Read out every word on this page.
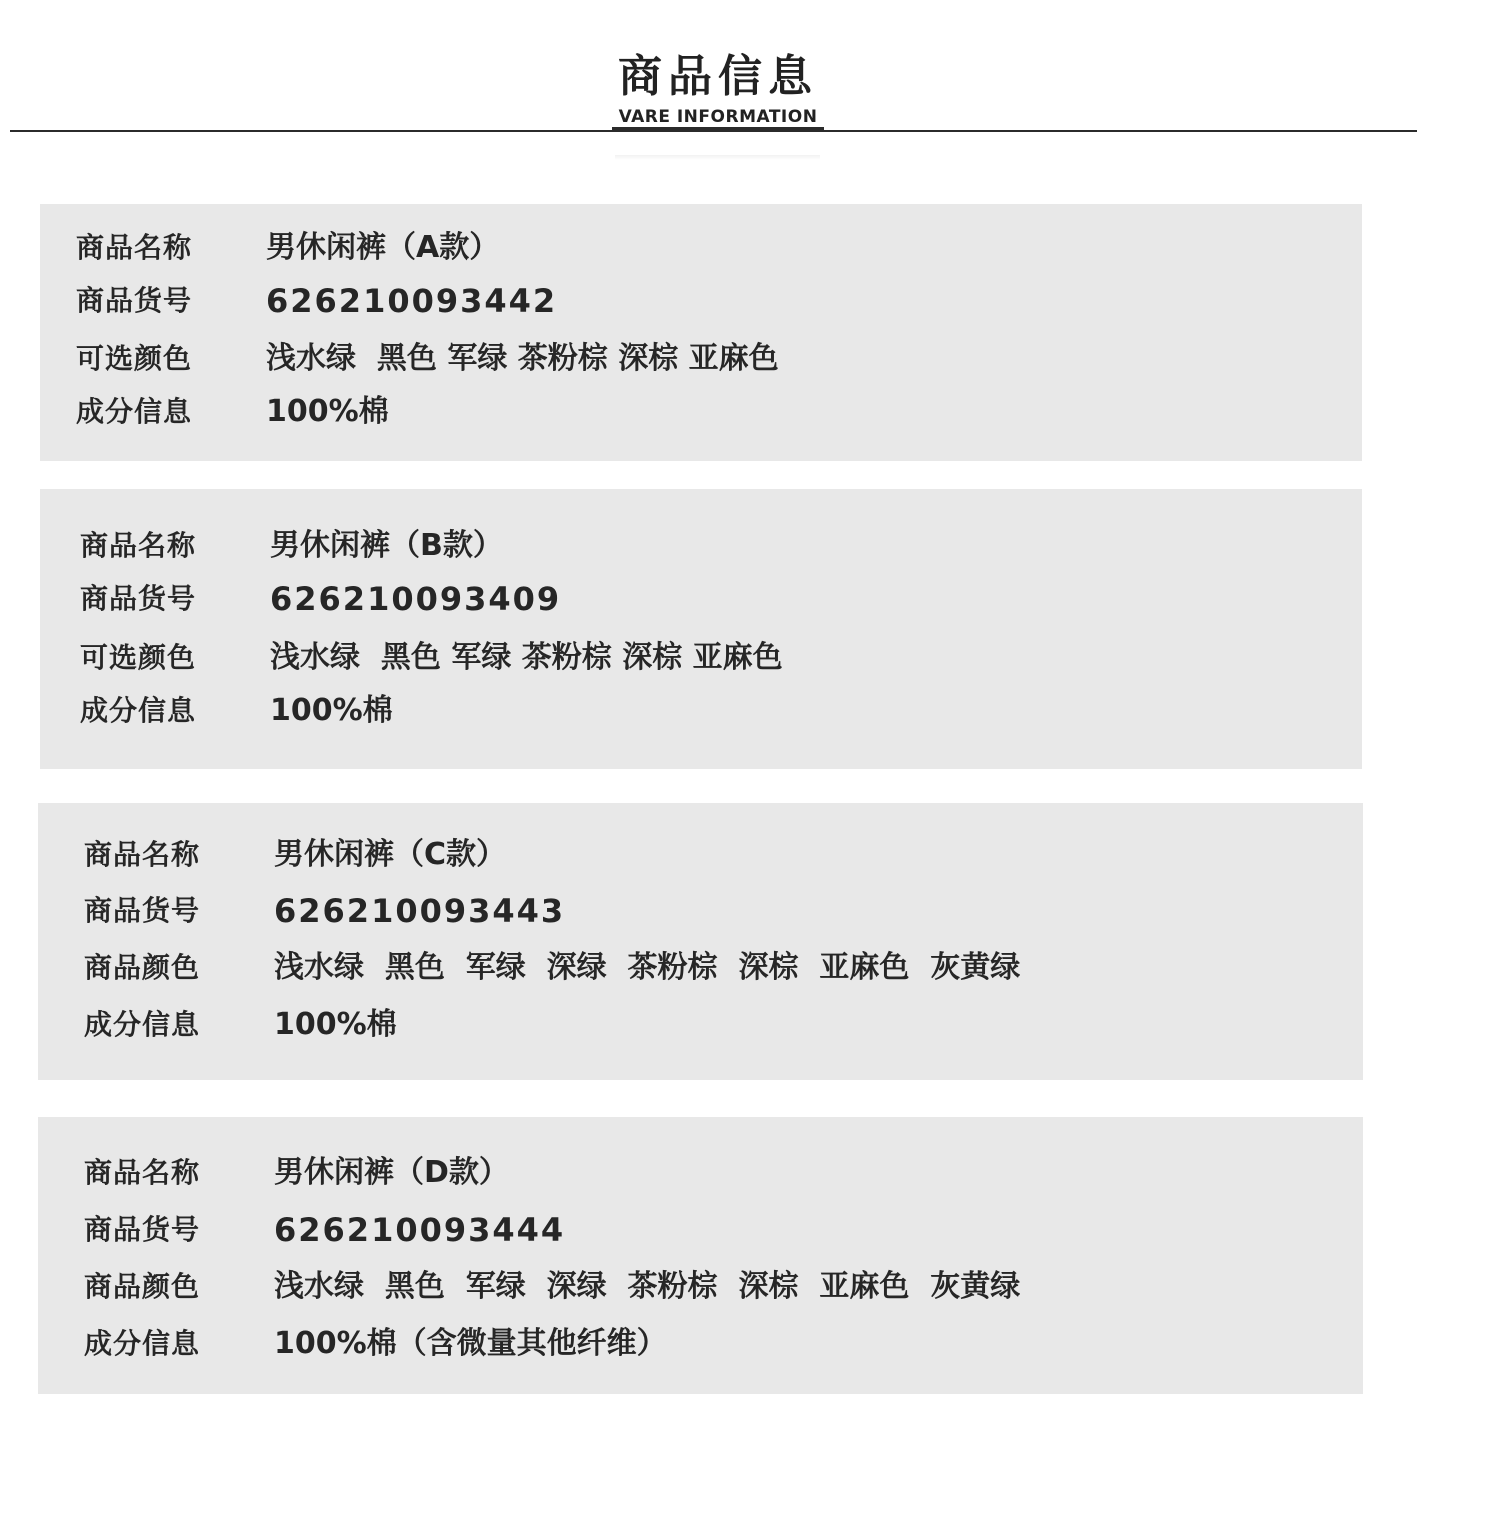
商品信息
VARE INFORMATION
商品名称 男休闲裤（A款）
商品货号 626210093442
可选颜色 浅水绿  黑色 军绿 茶粉棕 深棕 亚麻色
成分信息 100%棉
商品名称 男休闲裤（B款）
商品货号 626210093409
可选颜色 浅水绿  黑色 军绿 茶粉棕 深棕 亚麻色
成分信息 100%棉
商品名称 男休闲裤（C款）
商品货号 626210093443
商品颜色 浅水绿  黑色  军绿  深绿  茶粉棕  深棕  亚麻色  灰黄绿
成分信息 100%棉
商品名称 男休闲裤（D款）
商品货号 626210093444
商品颜色 浅水绿  黑色  军绿  深绿  茶粉棕  深棕  亚麻色  灰黄绿
成分信息 100%棉（含微量其他纤维）
